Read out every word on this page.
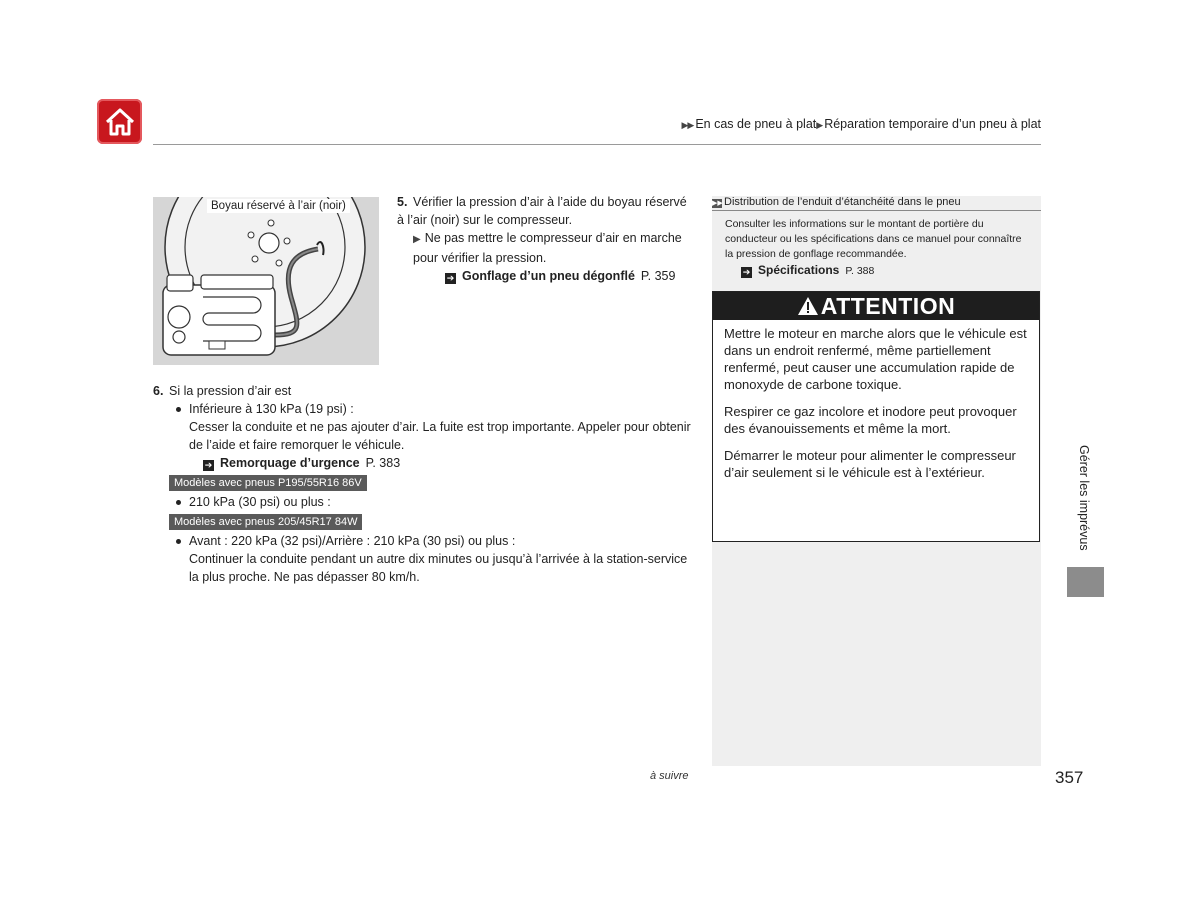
▶▶ En cas de pneu à plat▶ Réparation temporaire d’un pneu à plat
Boyau réservé à l’air (noir)	5. Vérifier la pression d’air à l’aide du boyau réservé à l’air (noir) sur le compresseur.
▶ Ne pas mettre le compresseur d’air en marche pour vérifier la pression.
➔ Gonflage d’un pneu dégonflé P. 359
6. Si la pression d’air est
Inférieure à 130 kPa (19 psi) :
Cesser la conduite et ne pas ajouter d’air. La fuite est trop importante. Appeler pour obtenir de l’aide et faire remorquer le véhicule.
➔ Remorquage d’urgence P. 383
Modèles avec pneus P195/55R16 86V
210 kPa (30 psi) ou plus :
Modèles avec pneus 205/45R17 84W
Avant : 220 kPa (32 psi)/Arrière : 210 kPa (30 psi) ou plus :
Continuer la conduite pendant un autre dix minutes ou jusqu’à l’arrivée à la station-service la plus proche. Ne pas dépasser 80 km/h.
▶▶Distribution de l’enduit d’étanchéité dans le pneu
Consulter les informations sur le montant de portière du conducteur ou les spécifications dans ce manuel pour connaître la pression de gonflage recommandée.
➔ Spécifications P. 388
ATTENTION

Mettre le moteur en marche alors que le véhicule est dans un endroit renfermé, même partiellement renfermé, peut causer une accumulation rapide de monoxyde de carbone toxique.

Respirer ce gaz incolore et inodore peut provoquer des évanouissements et même la mort.

Démarrer le moteur pour alimenter le compresseur d’air seulement si le véhicule est à l’extérieur.	Gérer les imprévus
à suivre	357
